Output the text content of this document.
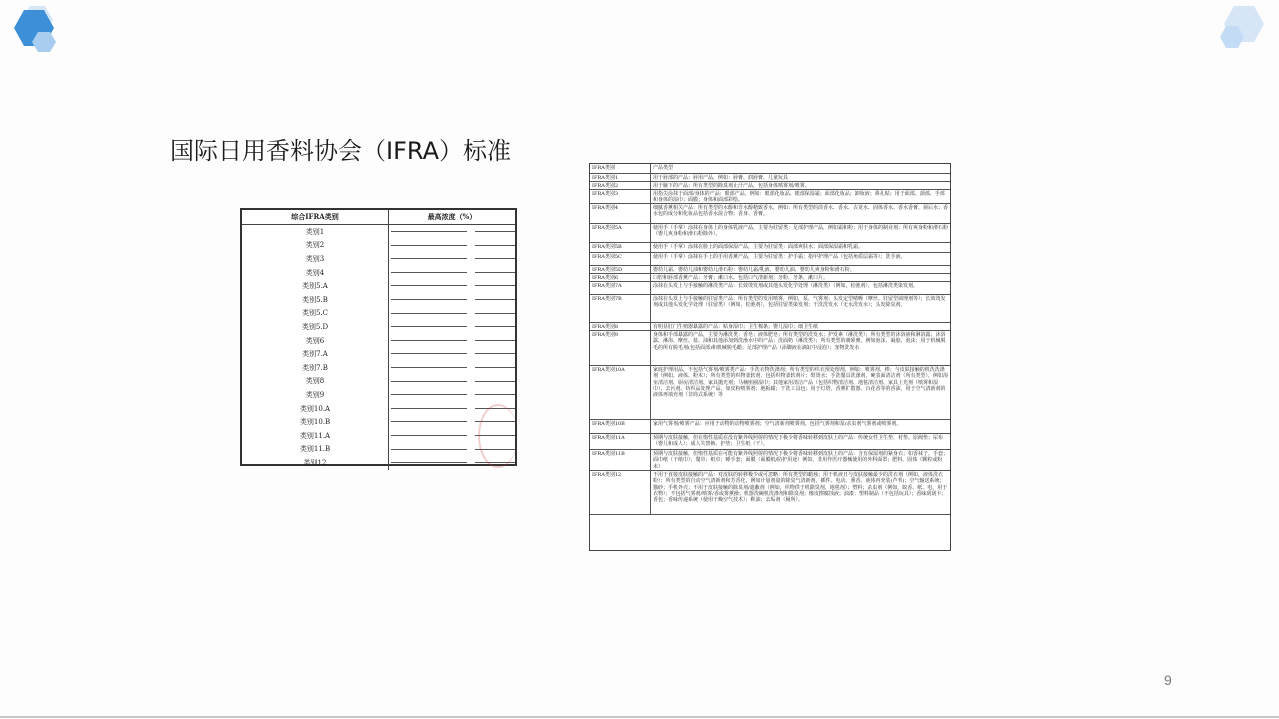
国际日用香料协会（IFRA）标准
综合IFRA类别	最高浓度（%）
类别1
类别2
类别3
类别4
类别5.A
类别5.B
类别5.C
类别5.D
类别6
类别7.A
类别7.B
类别8
类别9
类别10.A
类别10.B
类别11.A
类别11.B
类别12
IFRA类别	产品类型
IFRA类别1	用于唇部的产品：唇用产品，例如：唇膏、润唇膏、儿童玩具
IFRA类别2	用于腋下的产品：所有类型的除臭剂止汗产品，包括身体喷雾剂/喷雾。
IFRA类别3	用指尖涂抹于面部/身体的产品：眼部产品，例如：眼部化妆品、眼部保湿霜；面部化妆品；卸妆液；鼻孔贴；用于面部、颈部、手部和身体的湿巾；面膜；身体和面部彩绘。
IFRA类别4	细腻香薰相关产品：所有类型的水醇和非水醇精致香水，例如：所有类型的淡香水、香水、古龙水、固体香水、香水香膏、须后水；香水包的成分和化妆品包括香水混合物；香身、香膏。
IFRA类别5A	使用手（手掌）涂抹在身体上的身体乳液产品，主要为驻留类：足部护理产品，例如霜和粉；用于身体的制业剂；所有爽身粉和滑石粉（婴儿爽身粉和滑石粉除外）。
IFRA类别5B	使用手（手掌）涂抹在脸上的面部保湿产品，主要为驻留类：面部爽肤水；面部保湿霜和乳霜。
IFRA类别5C	使用手（手掌）涂抹在手上的手用香薰产品，主要为驻留类：护手霜；指甲护理产品（包括角质层霜等）；洗手液。
IFRA类别5D	婴幼儿霜、婴幼儿油和婴幼儿滑石粉：婴幼儿霜/乳液、婴幼儿油、婴幼儿爽身粉和滑石粉。
IFRA类别6	口腔和唇部香薰产品：牙膏；漱口水，包括口气清新剂；牙粉、牙条、漱口片。
IFRA类别7A	涂抹在头发上与手接触的淋洗类产品：长效烫发剂或其他头发化学处理（淋洗类）（例如，松弛剂），包括淋洗类染发剂。
IFRA类别7B	涂抹在头发上与手接触的驻留类产品：所有类型的发用喷雾，例如，泵、气雾剂；头发定型啫喱（摩丝、驻留型调理剂等）；长效烫发剂或其他头发化学处理（驻留类）（例如，松弛剂），包括驻留类染发剂；干洗洗发水（无水洗发水）；头发除臭剂。
IFRA类别8	有明显肛门生殖器暴露的产品：贴身湿巾；卫生棉条；婴儿湿巾；细卫生纸
IFRA类别9	身体和手部暴露的产品，主要为淋洗类：香皂；液体肥皂；所有类型的洗发水；护发素（淋洗类）；所有类型的沐浴液和淋浴露；沐浴露、淋浴、摩丝、盐、油和其他添加到洗澡水中的产品；洗面奶（淋洗类）；所有类型的剃须膏，例如泡沫、凝胶、泡沫；用于机械脱毛的所有脱毛剂(包括面部)和机械脱毛蜡；足部护理产品（添脚液在滴缸中浸泡）；宠物洗发水
IFRA类别10A	家庭护理用品，不包括气雾剂/喷雾类产品：手洗衣物洗涤剂；所有类型的织衣预处理剂，例如：喷雾剂、棒；与皮肤接触的机洗洗涤剂（例如，液体、粉末）；所有类型的织物柔软剂，包括织物柔软剂片；熨烫水；手洗餐具洗涤剂，硬表面清洁剂（所有类型），例如浴室清洁剂、厨房清洁剂、家具抛光剂；马桶座圈湿巾；其他家用清洁产品（包括织物清洁剂、地毯清洁剂、家具上光剂（喷雾和湿巾）、去污剂、纺织品处理产品，如皮粉喷雾剂；地板蜡；干洗工具包；用于灯塔、香薰扩散器、百花香等的香油，用于空气清新剂的液体再填充剂（非简式系统）等
IFRA类别10B	家用气雾剂/喷雾产品：应用于动物的动物喷雾剂；空气清新剂喷雾剂，包括气雾剂和泵/杀虫剂气雾剂或喷雾剂。
IFRA类别11A	预期与皮肤接触，但在惰性基质在没有紫外线照射的情况下极少将香味转移到皮肤上的产品：传统女性卫生垫、衬垫、原阀垫；尿布（婴儿和成人）；成人失禁裤、护垫；卫生纸（干）。
IFRA类别11B	预期与皮肤接触，但惰性基质在可能有紫外线照射的情况下极少将香味转移到皮肤上的产品：含有保湿剂的紧身衣；如香袜子、手套；面巾纸（干纸巾）；餐巾；纸巾；睡手套；面膜（面膜纸/防护用途）例如，非用作医疗器械使用的外科面罩；肥料、固体（颗粒或粉末）
IFRA类别12	不用于直接皮肤接触的产品：对皮肤的转移极少或可忽略：所有类型的蜡烛；用于机液且与皮肤接触最少的洗衣剂（例如，液体洗衣粉）；所有类型的自动空气清新剂和芳香化，例如计量剂量的除臭气清新剂、插件、电动、熏香、液体再充装(芦苇)；空气输送系统；猫砂；手机外壳；不用于皮肤接触的除臭剂/遮蔽剂（例如，织物供于机除臭剂，地毯剂）；塑料；杀虫剂（例如，蚊香、纸、电、用于衣物）；不包括气雾剂/喷雾/香或雾薰操；机器洗碗机洗涤剂和除臭剂；橡皮擦腐蚀液；油漆；塑料制品（不包括玩具）；香味刮刮卡；香包；香味传递系统（使用干燥空气技术）；鞋油；去垢剂（厕所）。
9
